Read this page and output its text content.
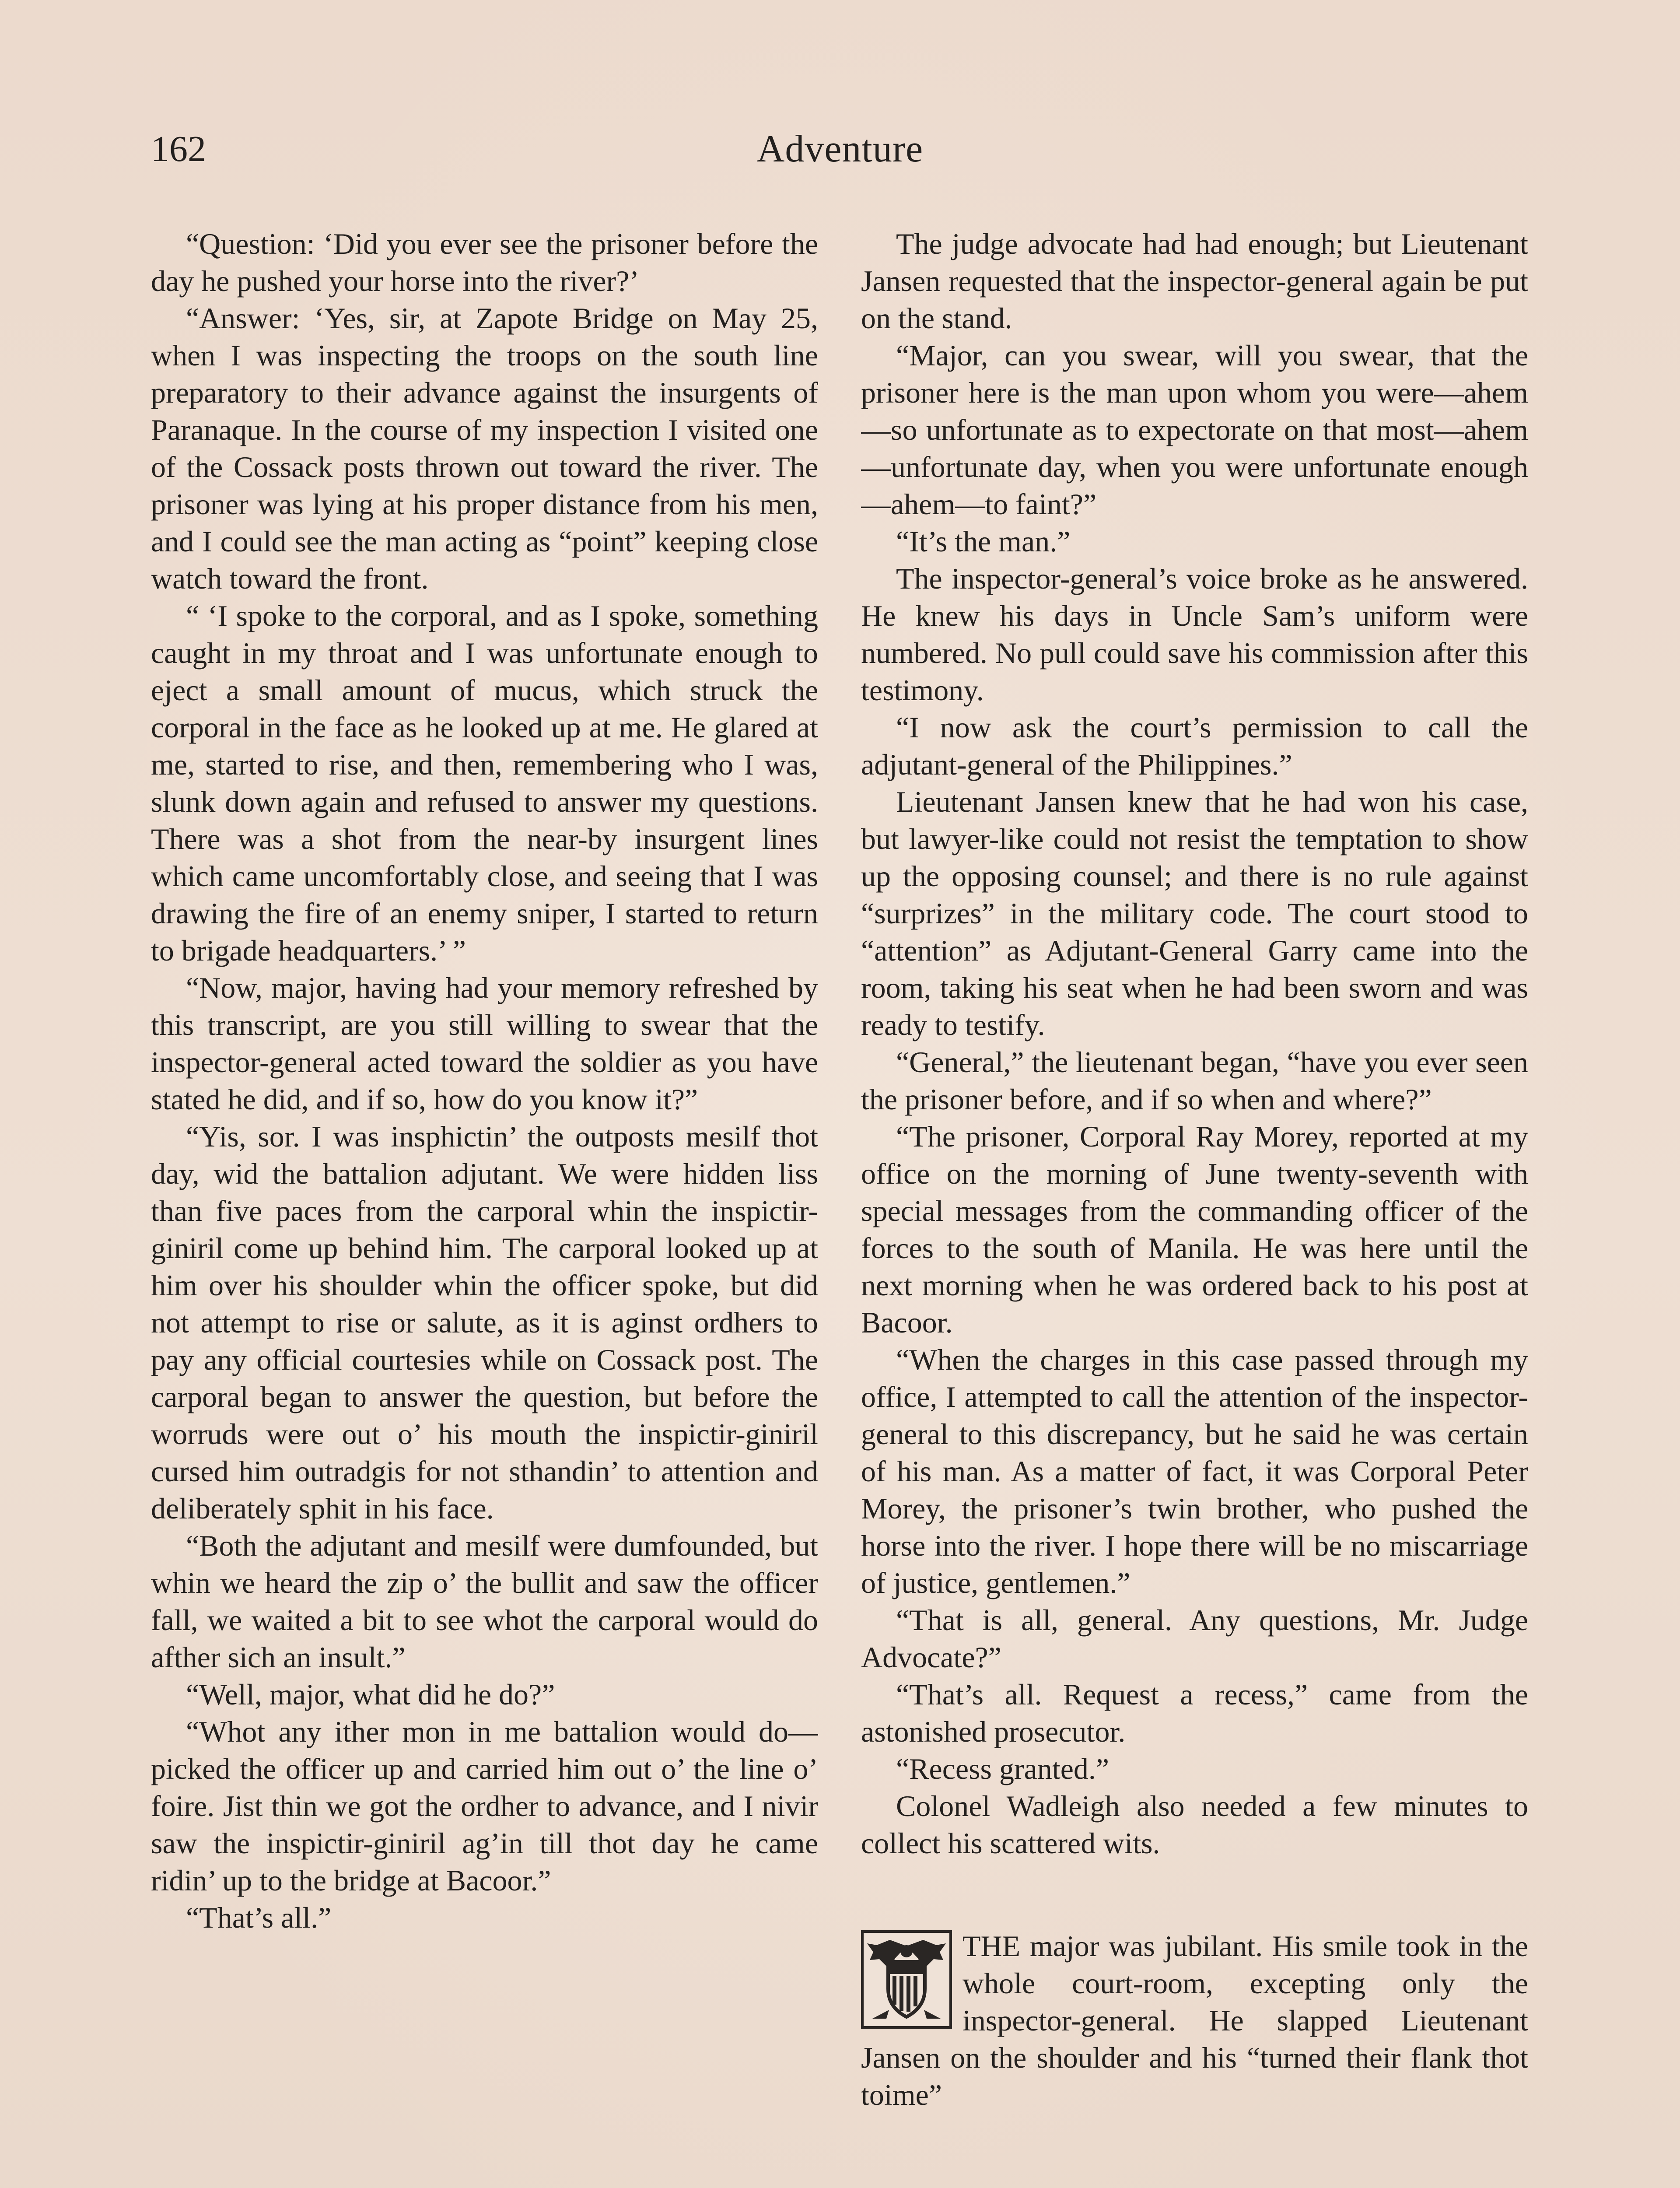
162	Adventure

“Question: ‘Did you ever see the prisoner before the day he pushed your horse into the river?’

“Answer: ‘Yes, sir, at Zapote Bridge on May 25, when I was inspecting the troops on the south line preparatory to their advance against the insurgents of Paranaque. In the course of my inspection I visited one of the Cossack posts thrown out toward the river. The prisoner was lying at his proper distance from his men, and I could see the man acting as “point” keeping close watch toward the front.

“ ‘I spoke to the corporal, and as I spoke, something caught in my throat and I was unfortunate enough to eject a small amount of mucus, which struck the corporal in the face as he looked up at me. He glared at me, started to rise, and then, remembering who I was, slunk down again and refused to answer my questions. There was a shot from the near-by insurgent lines which came uncomfortably close, and seeing that I was drawing the fire of an enemy sniper, I started to return to brigade headquarters.’ ”

“Now, major, having had your memory refreshed by this transcript, are you still willing to swear that the inspector-general acted toward the soldier as you have stated he did, and if so, how do you know it?”

“Yis, sor. I was insphictin’ the outposts mesilf thot day, wid the battalion adjutant. We were hidden liss than five paces from the carporal whin the inspictir-giniril come up behind him. The carporal looked up at him over his shoulder whin the officer spoke, but did not attempt to rise or salute, as it is aginst ordhers to pay any official courtesies while on Cossack post. The carporal began to answer the question, but before the worruds were out o’ his mouth the inspictir-giniril cursed him outradgis for not sthandin’ to attention and deliberately sphit in his face.

“Both the adjutant and mesilf were dumfounded, but whin we heard the zip o’ the bullit and saw the officer fall, we waited a bit to see whot the carporal would do afther sich an insult.”

“Well, major, what did he do?”

“Whot any ither mon in me battalion would do—picked the officer up and carried him out o’ the line o’ foire. Jist thin we got the ordher to advance, and I nivir saw the inspictir-giniril ag’in till thot day he came ridin’ up to the bridge at Bacoor.”

“That’s all.”

The judge advocate had had enough; but Lieutenant Jansen requested that the inspector-general again be put on the stand.

“Major, can you swear, will you swear, that the prisoner here is the man upon whom you were—ahem—so unfortunate as to expectorate on that most—ahem—unfortunate day, when you were unfortunate enough—ahem—to faint?”

“It’s the man.”

The inspector-general’s voice broke as he answered. He knew his days in Uncle Sam’s uniform were numbered. No pull could save his commission after this testimony.

“I now ask the court’s permission to call the adjutant-general of the Philippines.”

Lieutenant Jansen knew that he had won his case, but lawyer-like could not resist the temptation to show up the opposing counsel; and there is no rule against “surprizes” in the military code. The court stood to “attention” as Adjutant-General Garry came into the room, taking his seat when he had been sworn and was ready to testify.

“General,” the lieutenant began, “have you ever seen the prisoner before, and if so when and where?”

“The prisoner, Corporal Ray Morey, reported at my office on the morning of June twenty-seventh with special messages from the commanding officer of the forces to the south of Manila. He was here until the next morning when he was ordered back to his post at Bacoor.

“When the charges in this case passed through my office, I attempted to call the attention of the inspector-general to this discrepancy, but he said he was certain of his man. As a matter of fact, it was Corporal Peter Morey, the prisoner’s twin brother, who pushed the horse into the river. I hope there will be no miscarriage of justice, gentlemen.”

“That is all, general. Any questions, Mr. Judge Advocate?”

“That’s all. Request a recess,” came from the astonished prosecutor.

“Recess granted.”

Colonel Wadleigh also needed a few minutes to collect his scattered wits.

THE major was jubilant. His smile took in the whole court-room, excepting only the inspector-general. He slapped Lieutenant Jansen on the shoulder and his “turned their flank thot toime”
